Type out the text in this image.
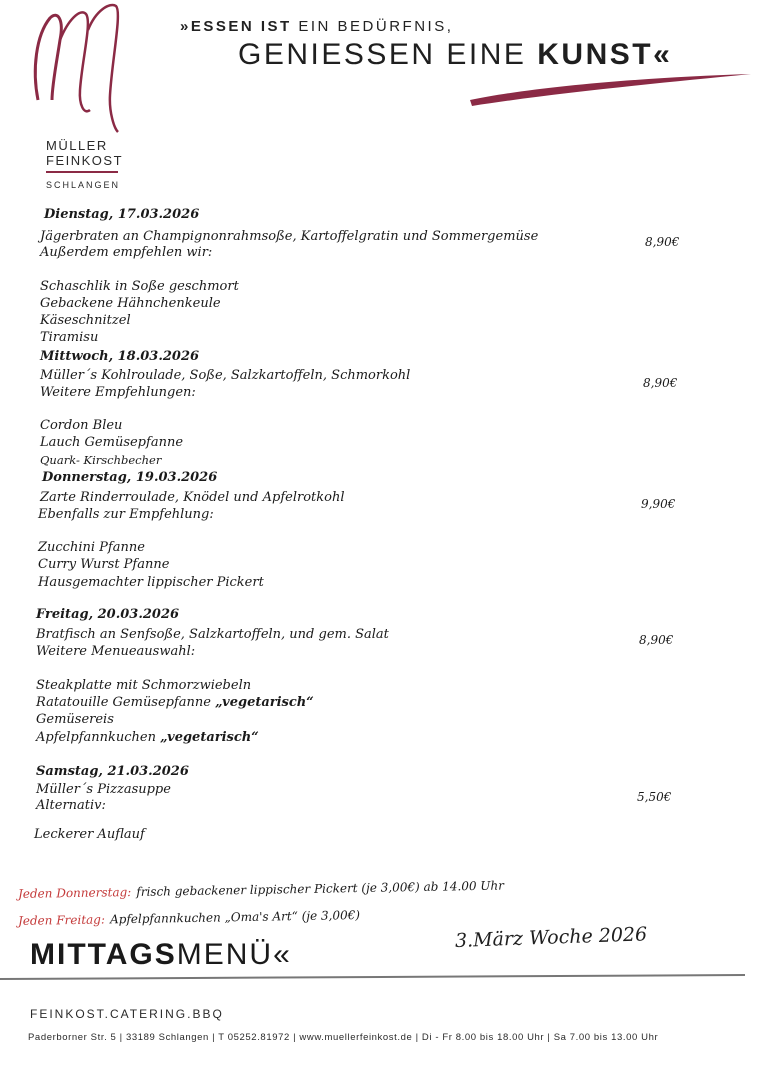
MÜLLER
FEINKOST
SCHLANGEN
»ESSEN IST EIN BEDÜRFNIS,
GENIESSEN EINE KUNST«
Dienstag, 17.03.2026
Jägerbraten an Champignonrahmsoße, Kartoffelgratin und Sommergemüse	8,90€
Außerdem empfehlen wir:
Schaschlik in Soße geschmort
Gebackene Hähnchenkeule
Käseschnitzel
Tiramisu
Mittwoch, 18.03.2026
Müller´s Kohlroulade, Soße, Salzkartoffeln, Schmorkohl	8,90€
Weitere Empfehlungen:
Cordon Bleu
Lauch Gemüsepfanne
Quark- Kirschbecher
Donnerstag, 19.03.2026
Zarte Rinderroulade, Knödel und Apfelrotkohl	9,90€
Ebenfalls zur Empfehlung:
Zucchini Pfanne
Curry Wurst Pfanne
Hausgemachter lippischer Pickert
Freitag, 20.03.2026
Bratfisch an Senfsoße, Salzkartoffeln, und gem. Salat	8,90€
Weitere Menueauswahl:
Steakplatte mit Schmorzwiebeln
Ratatouille Gemüsepfanne „vegetarisch“
Gemüsereis
Apfelpfannkuchen „vegetarisch“
Samstag, 21.03.2026
Müller´s Pizzasuppe	5,50€
Alternativ:
Leckerer Auflauf
Jeden Donnerstag: frisch gebackener lippischer Pickert (je 3,00€) ab 14.00 Uhr
Jeden Freitag: Apfelpfannkuchen „Oma's Art“ (je 3,00€)
MITTAGSMENÜ«
3.März Woche 2026
FEINKOST.CATERING.BBQ
Paderborner Str. 5 | 33189 Schlangen | T 05252.81972 | www.muellerfeinkost.de | Di - Fr 8.00 bis 18.00 Uhr | Sa 7.00 bis 13.00 Uhr
